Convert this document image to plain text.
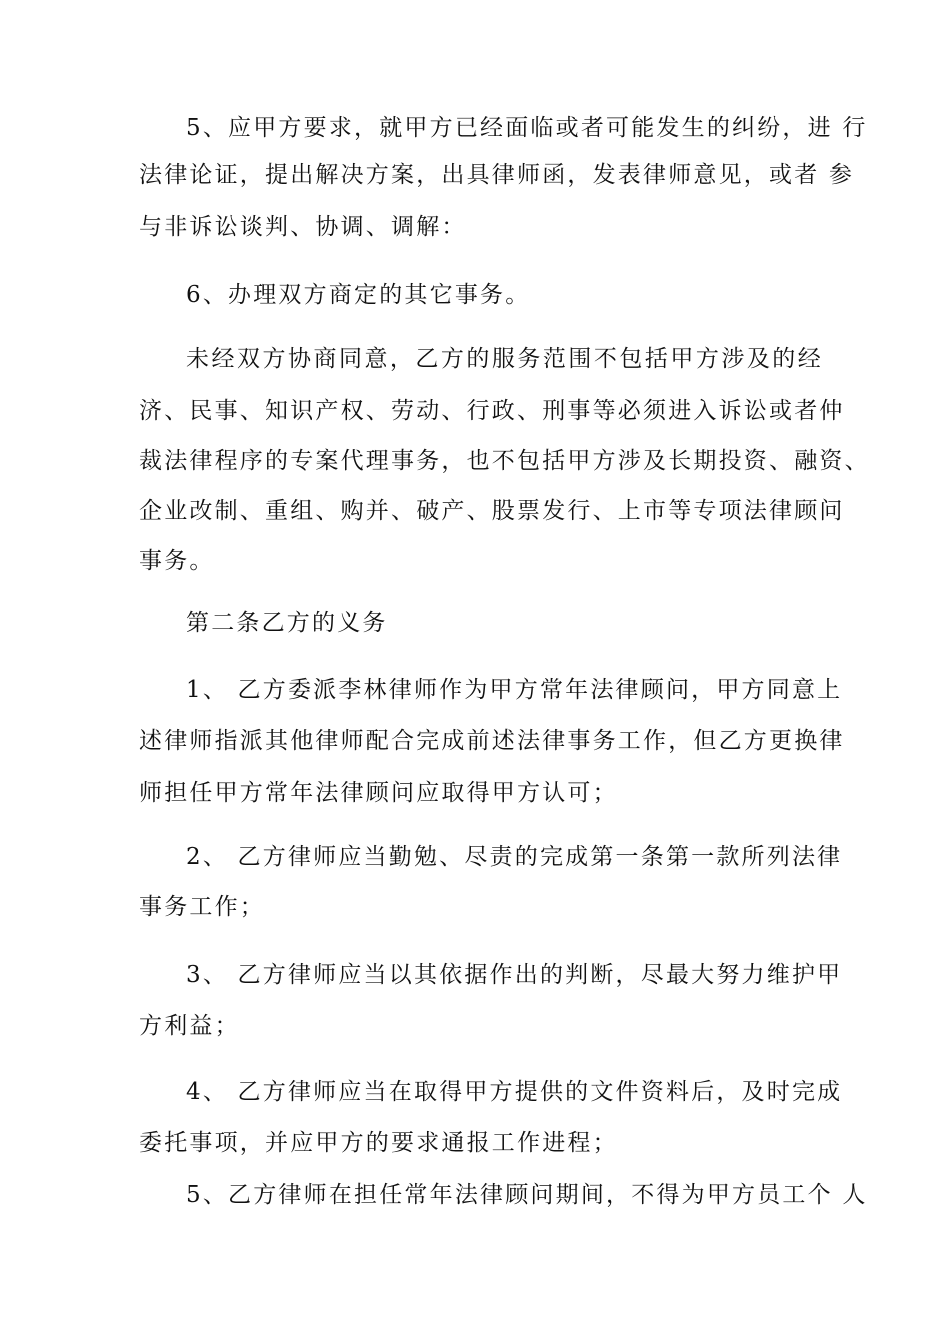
5、应甲方要求，就甲方已经面临或者可能发生的纠纷，进 行
法律论证，提出解决方案，出具律师函，发表律师意见，或者 参
与非诉讼谈判、协调、调解：
6、办理双方商定的其它事务。
未经双方协商同意，乙方的服务范围不包括甲方涉及的经
济、民事、知识产权、劳动、行政、刑事等必须进入诉讼或者仲
裁法律程序的专案代理事务，也不包括甲方涉及长期投资、融资、
企业改制、重组、购并、破产、股票发行、上市等专项法律顾问
事务。
第二条乙方的义务
1、 乙方委派李林律师作为甲方常年法律顾问，甲方同意上
述律师指派其他律师配合完成前述法律事务工作，但乙方更换律
师担任甲方常年法律顾问应取得甲方认可；
2、 乙方律师应当勤勉、尽责的完成第一条第一款所列法律
事务工作；
3、 乙方律师应当以其依据作出的判断，尽最大努力维护甲
方利益；
4、 乙方律师应当在取得甲方提供的文件资料后，及时完成
委托事项，并应甲方的要求通报工作进程；
5、乙方律师在担任常年法律顾问期间，不得为甲方员工个 人
